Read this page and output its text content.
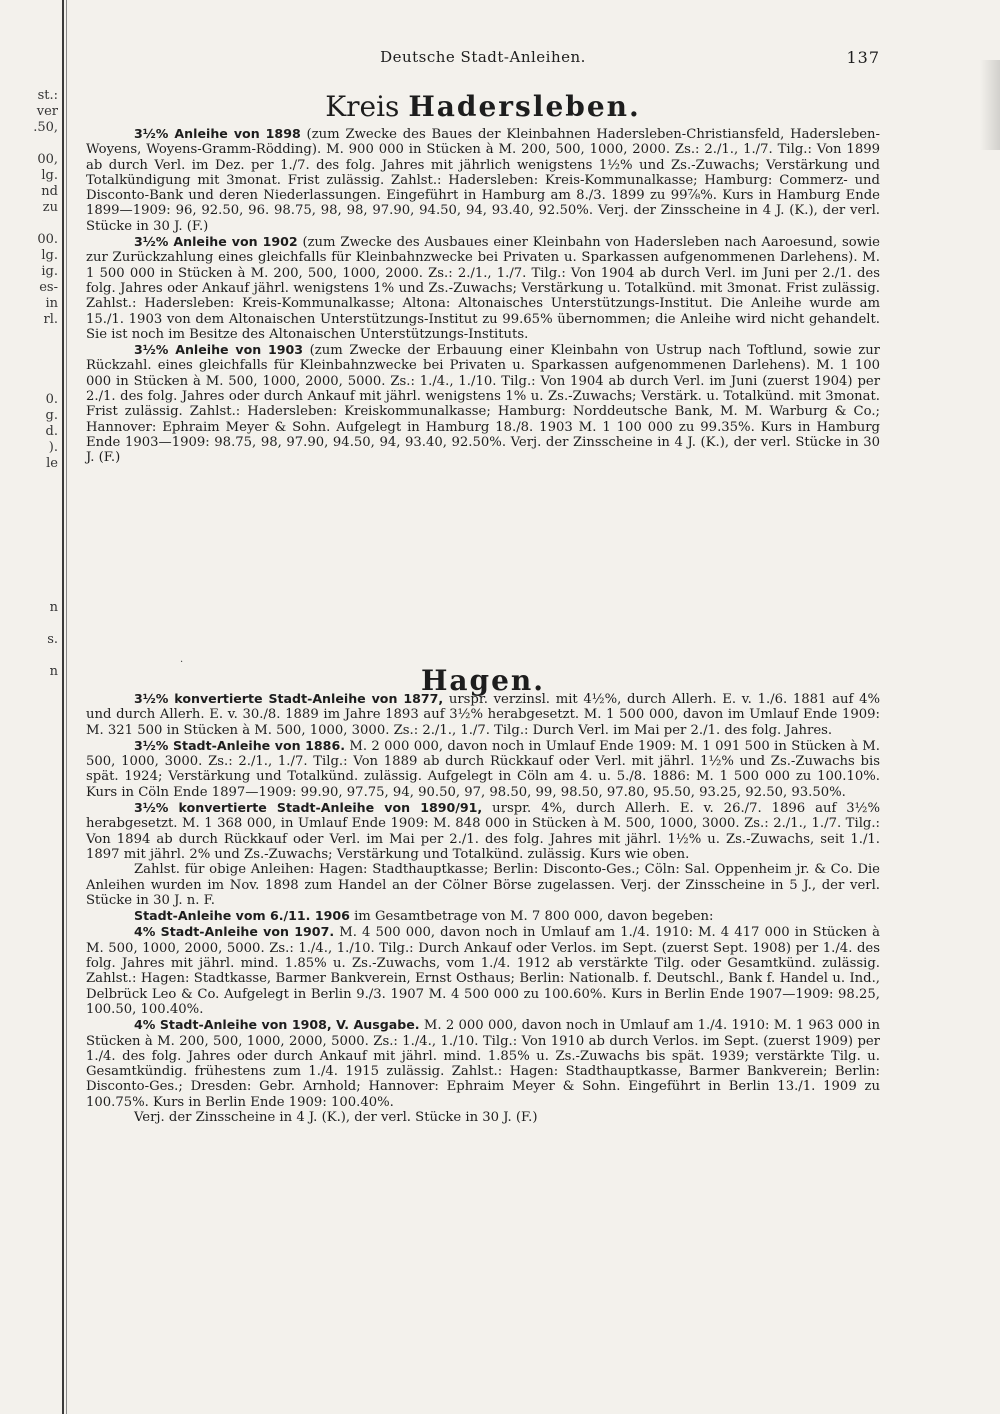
st.:
ver
.50,
00,
lg.
nd
zu
00.
lg.
ig.
es-
in
rl.
0.
g.
d.
).
le
n
s.
n
Deutsche Stadt-Anleihen.	137
Kreis Hadersleben.

3½% Anleihe von 1898 (zum Zwecke des Baues der Kleinbahnen Hadersleben-Christiansfeld, Hadersleben-Woyens, Woyens-Gramm-Rödding). M. 900 000 in Stücken à M. 200, 500, 1000, 2000. Zs.: 2./1., 1./7. Tilg.: Von 1899 ab durch Verl. im Dez. per 1./7. des folg. Jahres mit jährlich wenigstens 1½% und Zs.-Zuwachs; Verstärkung und Totalkündigung mit 3monat. Frist zulässig. Zahlst.: Hadersleben: Kreis-Kommunalkasse; Hamburg: Commerz- und Disconto-Bank und deren Niederlassungen. Eingeführt in Hamburg am 8./3. 1899 zu 99⅞%. Kurs in Hamburg Ende 1899—1909: 96, 92.50, 96. 98.75, 98, 98, 97.90, 94.50, 94, 93.40, 92.50%. Verj. der Zinsscheine in 4 J. (K.), der verl. Stücke in 30 J. (F.)

3½% Anleihe von 1902 (zum Zwecke des Ausbaues einer Kleinbahn von Hadersleben nach Aaroesund, sowie zur Zurückzahlung eines gleichfalls für Kleinbahnzwecke bei Privaten u. Sparkassen aufgenommenen Darlehens). M. 1 500 000 in Stücken à M. 200, 500, 1000, 2000. Zs.: 2./1., 1./7. Tilg.: Von 1904 ab durch Verl. im Juni per 2./1. des folg. Jahres oder Ankauf jährl. wenigstens 1% und Zs.-Zuwachs; Verstärkung u. Totalkünd. mit 3monat. Frist zulässig. Zahlst.: Hadersleben: Kreis-Kommunalkasse; Altona: Altonaisches Unterstützungs-Institut. Die Anleihe wurde am 15./1. 1903 von dem Altonaischen Unterstützungs-Institut zu 99.65% übernommen; die Anleihe wird nicht gehandelt. Sie ist noch im Besitze des Altonaischen Unterstützungs-Instituts.

3½% Anleihe von 1903 (zum Zwecke der Erbauung einer Kleinbahn von Ustrup nach Toftlund, sowie zur Rückzahl. eines gleichfalls für Kleinbahnzwecke bei Privaten u. Sparkassen aufgenommenen Darlehens). M. 1 100 000 in Stücken à M. 500, 1000, 2000, 5000. Zs.: 1./4., 1./10. Tilg.: Von 1904 ab durch Verl. im Juni (zuerst 1904) per 2./1. des folg. Jahres oder durch Ankauf mit jährl. wenigstens 1% u. Zs.-Zuwachs; Verstärk. u. Totalkünd. mit 3monat. Frist zulässig. Zahlst.: Hadersleben: Kreiskommunalkasse; Hamburg: Norddeutsche Bank, M. M. Warburg & Co.; Hannover: Ephraim Meyer & Sohn. Aufgelegt in Hamburg 18./8. 1903 M. 1 100 000 zu 99.35%. Kurs in Hamburg Ende 1903—1909: 98.75, 98, 97.90, 94.50, 94, 93.40, 92.50%. Verj. der Zinsscheine in 4 J. (K.), der verl. Stücke in 30 J. (F.)

·
Hagen.

3½% konvertierte Stadt-Anleihe von 1877, urspr. verzinsl. mit 4½%, durch Allerh. E. v. 1./6. 1881 auf 4% und durch Allerh. E. v. 30./8. 1889 im Jahre 1893 auf 3½% herabgesetzt. M. 1 500 000, davon im Umlauf Ende 1909: M. 321 500 in Stücken à M. 500, 1000, 3000. Zs.: 2./1., 1./7. Tilg.: Durch Verl. im Mai per 2./1. des folg. Jahres.

3½% Stadt-Anleihe von 1886. M. 2 000 000, davon noch in Umlauf Ende 1909: M. 1 091 500 in Stücken à M. 500, 1000, 3000. Zs.: 2./1., 1./7. Tilg.: Von 1889 ab durch Rückkauf oder Verl. mit jährl. 1½% und Zs.-Zuwachs bis spät. 1924; Verstärkung und Totalkünd. zulässig. Aufgelegt in Cöln am 4. u. 5./8. 1886: M. 1 500 000 zu 100.10%. Kurs in Cöln Ende 1897—1909: 99.90, 97.75, 94, 90.50, 97, 98.50, 99, 98.50, 97.80, 95.50, 93.25, 92.50, 93.50%.

3½% konvertierte Stadt-Anleihe von 1890/91, urspr. 4%, durch Allerh. E. v. 26./7. 1896 auf 3½% herabgesetzt. M. 1 368 000, in Umlauf Ende 1909: M. 848 000 in Stücken à M. 500, 1000, 3000. Zs.: 2./1., 1./7. Tilg.: Von 1894 ab durch Rückkauf oder Verl. im Mai per 2./1. des folg. Jahres mit jährl. 1½% u. Zs.-Zuwachs, seit 1./1. 1897 mit jährl. 2% und Zs.-Zuwachs; Verstärkung und Totalkünd. zulässig. Kurs wie oben.

Zahlst. für obige Anleihen: Hagen: Stadthauptkasse; Berlin: Disconto-Ges.; Cöln: Sal. Oppenheim jr. & Co. Die Anleihen wurden im Nov. 1898 zum Handel an der Cölner Börse zugelassen. Verj. der Zinsscheine in 5 J., der verl. Stücke in 30 J. n. F.

Stadt-Anleihe vom 6./11. 1906 im Gesamtbetrage von M. 7 800 000, davon begeben:

4% Stadt-Anleihe von 1907. M. 4 500 000, davon noch in Umlauf am 1./4. 1910: M. 4 417 000 in Stücken à M. 500, 1000, 2000, 5000. Zs.: 1./4., 1./10. Tilg.: Durch Ankauf oder Verlos. im Sept. (zuerst Sept. 1908) per 1./4. des folg. Jahres mit jährl. mind. 1.85% u. Zs.-Zuwachs, vom 1./4. 1912 ab verstärkte Tilg. oder Gesamtkünd. zulässig. Zahlst.: Hagen: Stadtkasse, Barmer Bankverein, Ernst Osthaus; Berlin: Nationalb. f. Deutschl., Bank f. Handel u. Ind., Delbrück Leo & Co. Aufgelegt in Berlin 9./3. 1907 M. 4 500 000 zu 100.60%. Kurs in Berlin Ende 1907—1909: 98.25, 100.50, 100.40%.

4% Stadt-Anleihe von 1908, V. Ausgabe. M. 2 000 000, davon noch in Umlauf am 1./4. 1910: M. 1 963 000 in Stücken à M. 200, 500, 1000, 2000, 5000. Zs.: 1./4., 1./10. Tilg.: Von 1910 ab durch Verlos. im Sept. (zuerst 1909) per 1./4. des folg. Jahres oder durch Ankauf mit jährl. mind. 1.85% u. Zs.-Zuwachs bis spät. 1939; verstärkte Tilg. u. Gesamtkündig. frühestens zum 1./4. 1915 zulässig. Zahlst.: Hagen: Stadthauptkasse, Barmer Bankverein; Berlin: Disconto-Ges.; Dresden: Gebr. Arnhold; Hannover: Ephraim Meyer & Sohn. Eingeführt in Berlin 13./1. 1909 zu 100.75%. Kurs in Berlin Ende 1909: 100.40%.

Verj. der Zinsscheine in 4 J. (K.), der verl. Stücke in 30 J. (F.)
